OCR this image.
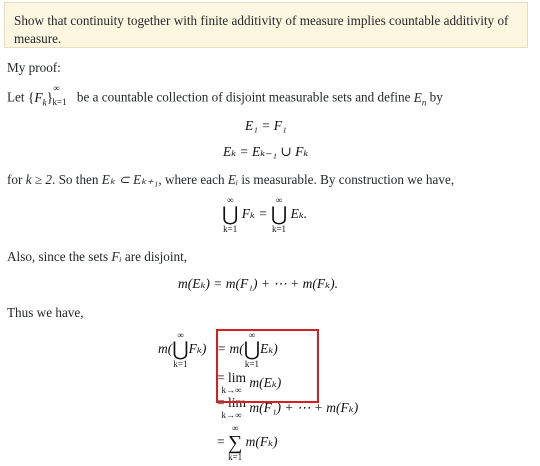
Show that continuity together with finite additivity of measure implies countable additivity of measure.
My proof:
Let $\{F_k\}^\infty_{k=1}$ be a countable collection of disjoint measurable sets and define $E_n$ by
E₁ = F₁
Eₖ = Eₖ₋₁ ∪ Fₖ
for k ≥ 2. So then Eₖ ⊂ Eₖ₊₁, where each Eᵢ is measurable. By construction we have,
∞
⋃
k=1
Fₖ =
∞
⋃
k=1
Eₖ.
Also, since the sets Fᵢ are disjoint,
m(Eₖ) = m(F₁) + ⋯ + m(Fₖ).
Thus we have,
m(
∞
⋃
k=1
Fₖ) = m(
∞
⋃
k=1
Eₖ)
= lim
k→∞ m(Eₖ)
= lim
k→∞ m(F₁) + ⋯ + m(Fₖ)
=
∞
∑
k=1
m(Fₖ)
